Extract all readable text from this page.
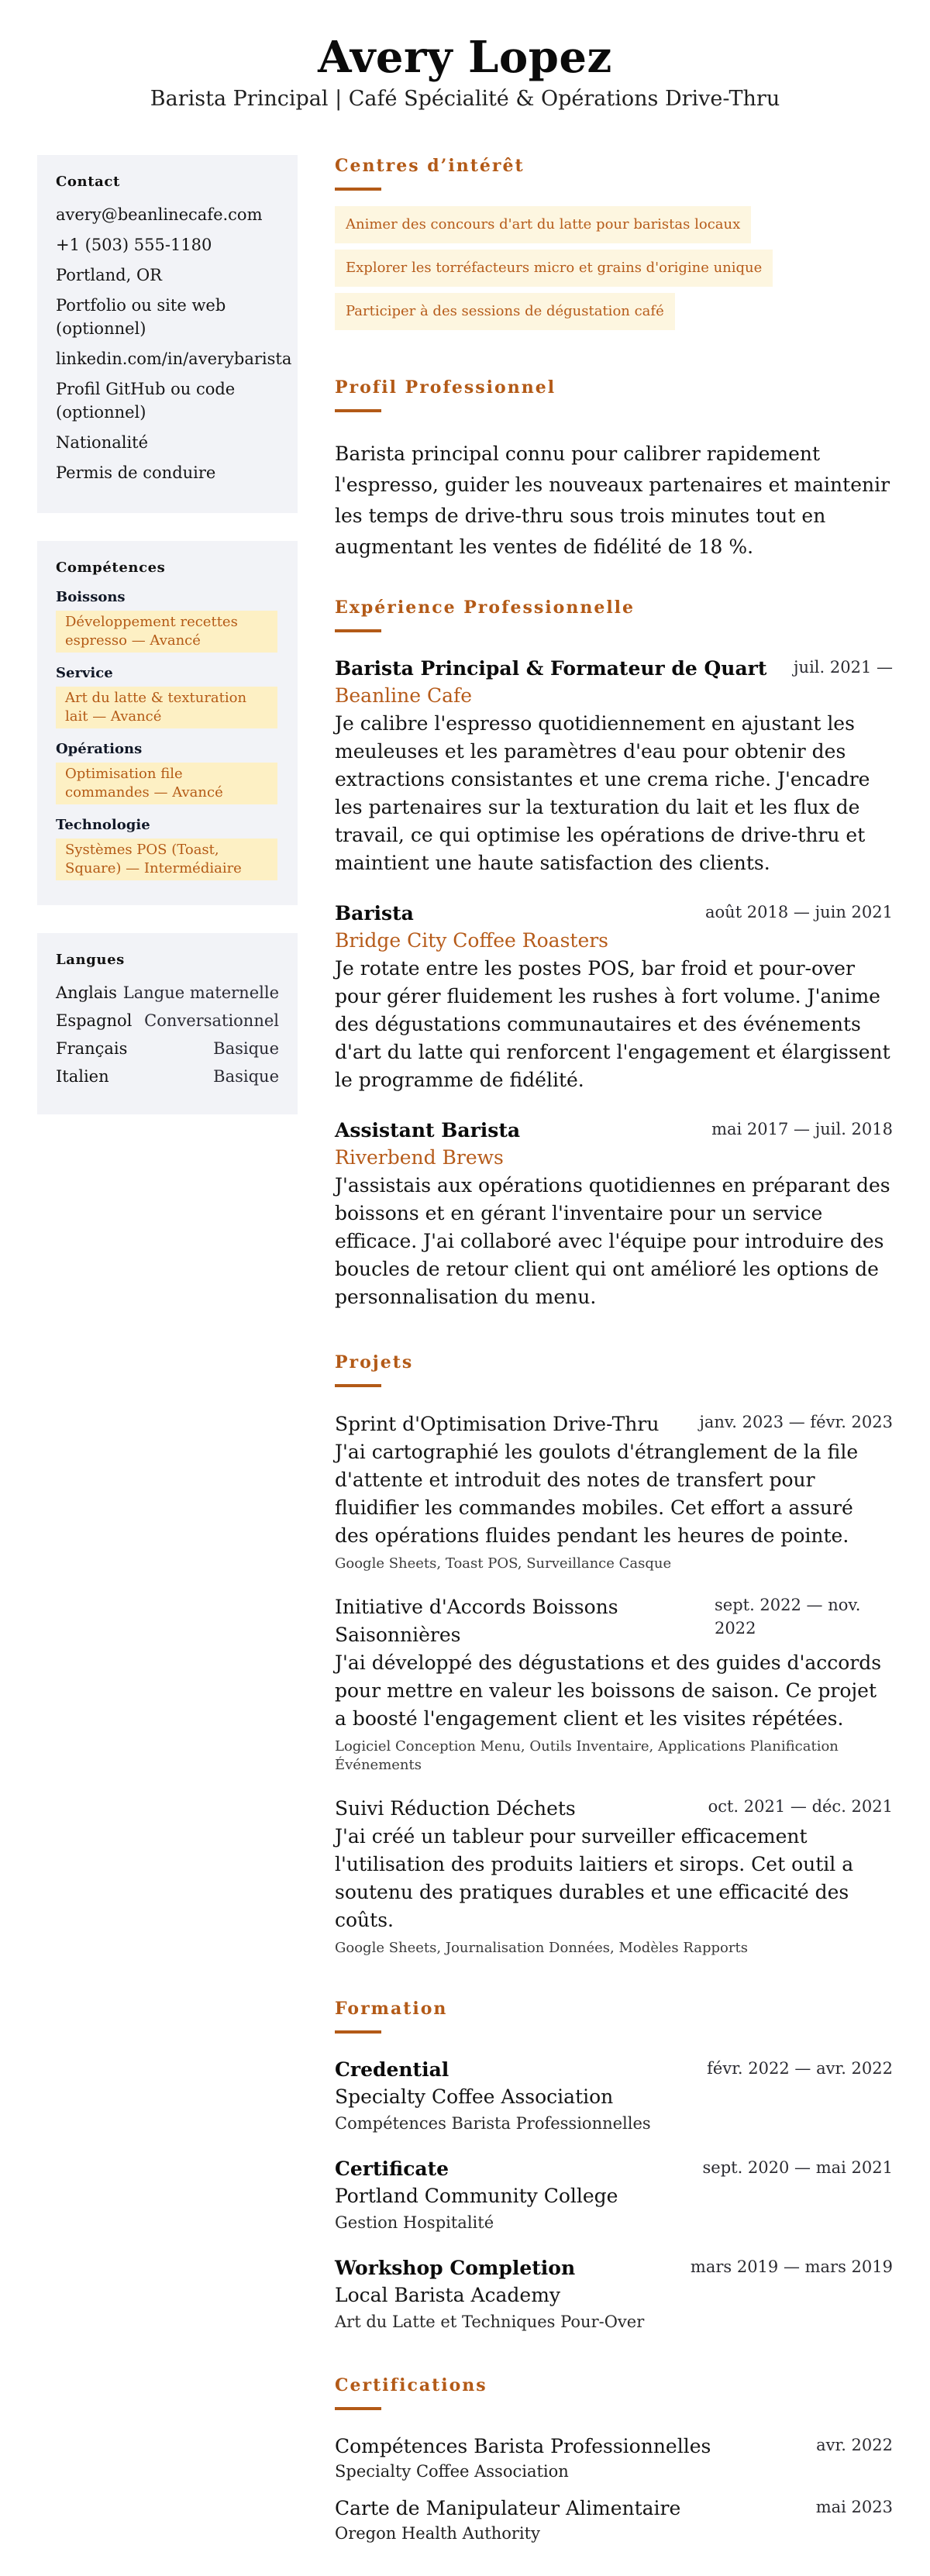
Avery Lopez
Barista Principal | Café Spécialité & Opérations Drive-Thru
Contact
avery@beanlinecafe.com
+1 (503) 555-1180
Portland, OR
Portfolio ou site web (optionnel)
linkedin.com/in/averybarista
Profil GitHub ou code (optionnel)
Nationalité
Permis de conduire
Compétences
Boissons
Développement recettes espresso — Avancé
Service
Art du latte & texturation lait — Avancé
Opérations
Optimisation file commandes — Avancé
Technologie
Systèmes POS (Toast, Square) — Intermédiaire
Langues
Anglais Langue maternelle
Espagnol Conversationnel
Français	Basique
Italien	Basique
Centres d’intérêt
Animer des concours d'art du latte pour baristas locaux
Explorer les torréfacteurs micro et grains d'origine unique
Participer à des sessions de dégustation café
Profil Professionnel

Barista principal connu pour calibrer rapidement l'espresso, guider les nouveaux partenaires et maintenir les temps de drive-thru sous trois minutes tout en augmentant les ventes de fidélité de 18 %.

Expérience Professionnelle
Barista Principal & Formateur de Quart juil. 2021 —
Beanline Cafe

Je calibre l'espresso quotidiennement en ajustant les meuleuses et les paramètres d'eau pour obtenir des extractions consistantes et une crema riche. J'encadre les partenaires sur la texturation du lait et les flux de travail, ce qui optimise les opérations de drive-thru et maintient une haute satisfaction des clients.

Barista	août 2018 — juin 2021
Bridge City Coffee Roasters

Je rotate entre les postes POS, bar froid et pour-over pour gérer fluidement les rushes à fort volume. J'anime des dégustations communautaires et des événements d'art du latte qui renforcent l'engagement et élargissent le programme de fidélité.

Assistant Barista	mai 2017 — juil. 2018
Riverbend Brews

J'assistais aux opérations quotidiennes en préparant des boissons et en gérant l'inventaire pour un service efficace. J'ai collaboré avec l'équipe pour introduire des boucles de retour client qui ont amélioré les options de personnalisation du menu.

Projets
Sprint d'Optimisation Drive-Thru janv. 2023 — févr. 2023

J'ai cartographié les goulots d'étranglement de la file d'attente et introduit des notes de transfert pour fluidifier les commandes mobiles. Cet effort a assuré des opérations fluides pendant les heures de pointe.

Google Sheets, Toast POS, Surveillance Casque
Initiative d'Accords Boissons Saisonnières
sept. 2022 — nov. 2022

J'ai développé des dégustations et des guides d'accords pour mettre en valeur les boissons de saison. Ce projet a boosté l'engagement client et les visites répétées.

Logiciel Conception Menu, Outils Inventaire, Applications Planification Événements
Suivi Réduction Déchets	oct. 2021 — déc. 2021

J'ai créé un tableur pour surveiller efficacement l'utilisation des produits laitiers et sirops. Cet outil a soutenu des pratiques durables et une efficacité des coûts.

Google Sheets, Journalisation Données, Modèles Rapports
Formation
Credential	févr. 2022 — avr. 2022
Specialty Coffee Association
Compétences Barista Professionnelles
Certificate	sept. 2020 — mai 2021
Portland Community College
Gestion Hospitalité
Workshop Completion	mars 2019 — mars 2019
Local Barista Academy
Art du Latte et Techniques Pour-Over
Certifications
Compétences Barista Professionnelles	avr. 2022
Specialty Coffee Association
Carte de Manipulateur Alimentaire	mai 2023
Oregon Health Authority
